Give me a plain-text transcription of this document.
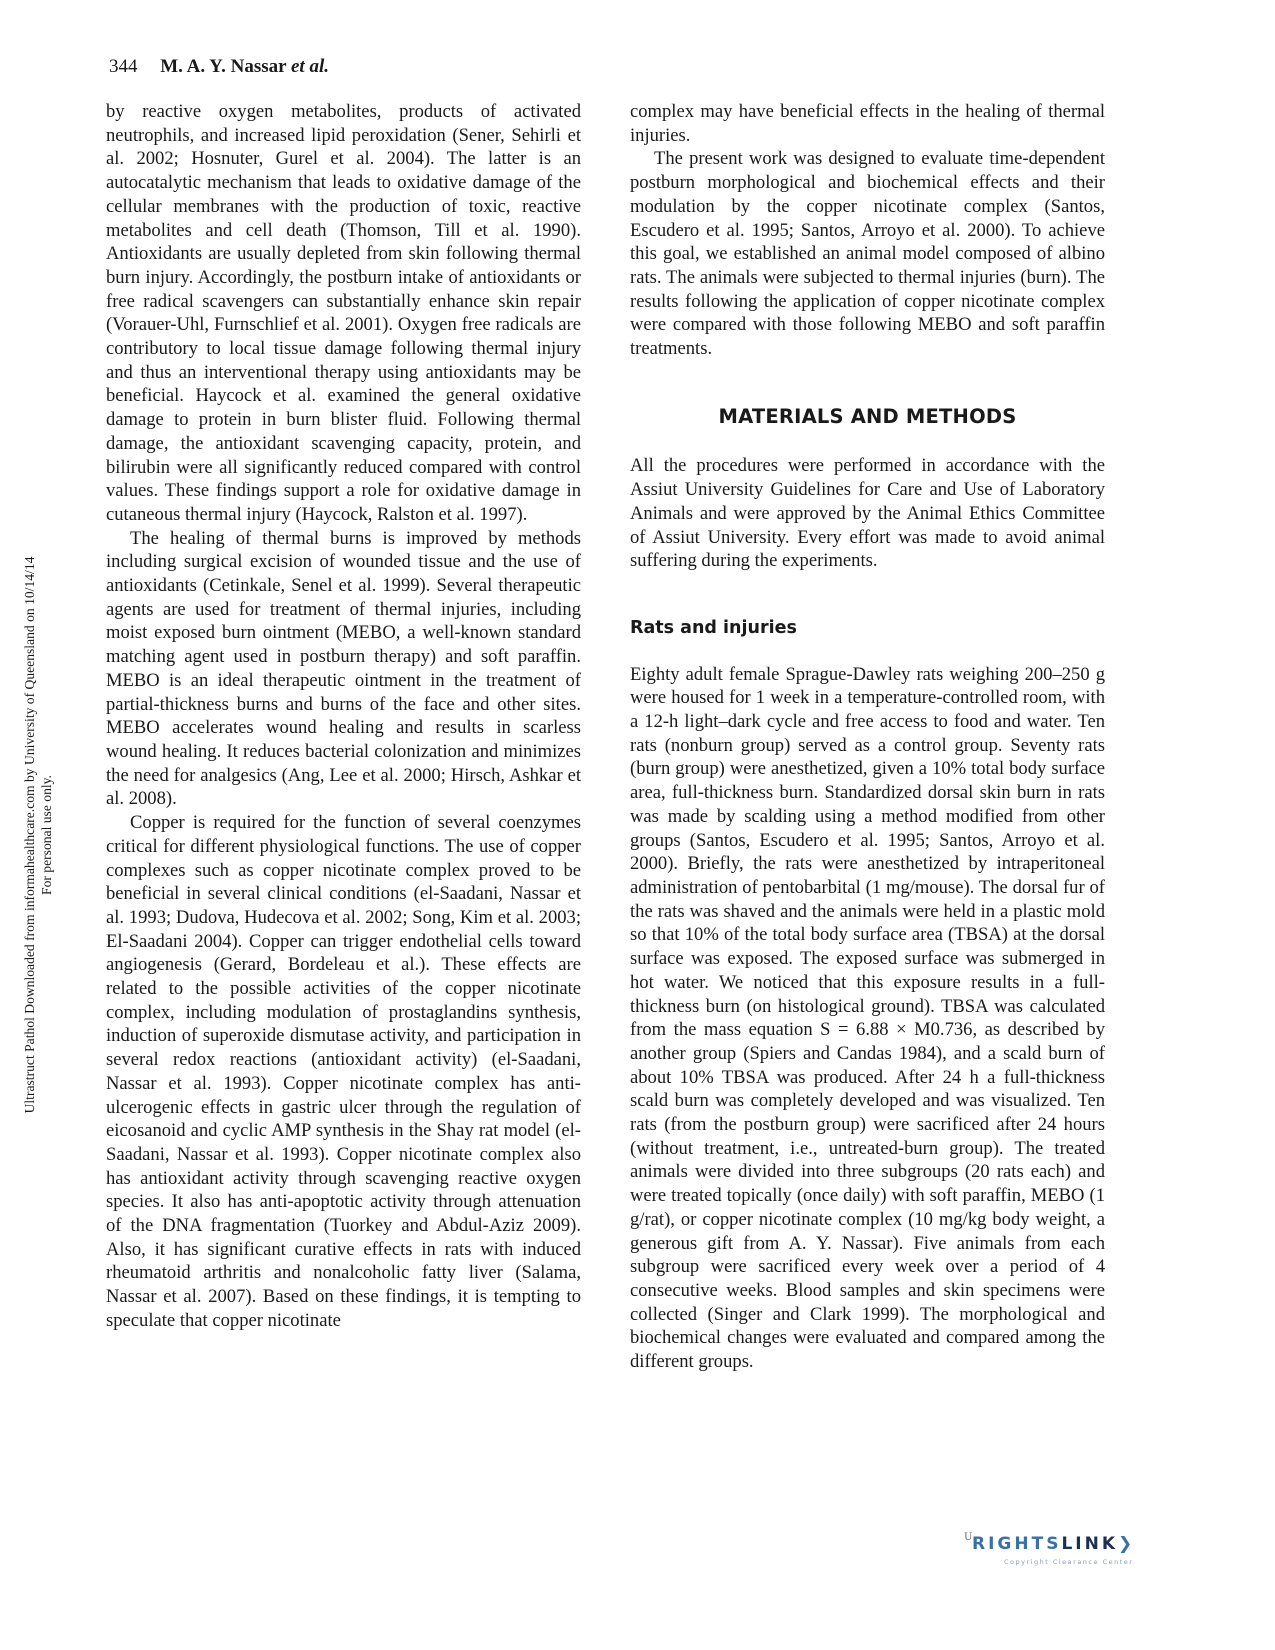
344 M. A. Y. Nassar et al.
Ultrastruct Pathol Downloaded from informahealthcare.com by University of Queensland on 10/14/14 For personal use only.

by reactive oxygen metabolites, products of activated neutrophils, and increased lipid peroxidation (Sener, Sehirli et al. 2002; Hosnuter, Gurel et al. 2004). The latter is an autocatalytic mechanism that leads to oxidative damage of the cellular membranes with the production of toxic, reactive metabolites and cell death (Thomson, Till et al. 1990). Antioxidants are usually depleted from skin following thermal burn injury. Accordingly, the postburn intake of antioxidants or free radical scavengers can substantially enhance skin repair (Vorauer-Uhl, Furnschlief et al. 2001). Oxygen free radicals are contributory to local tissue damage following thermal injury and thus an interventional therapy using antioxidants may be beneficial. Haycock et al. examined the general oxidative damage to protein in burn blister fluid. Following thermal damage, the antioxidant scavenging capacity, protein, and bilirubin were all significantly reduced compared with control values. These findings support a role for oxidative damage in cutaneous thermal injury (Haycock, Ralston et al. 1997).

The healing of thermal burns is improved by methods including surgical excision of wounded tissue and the use of antioxidants (Cetinkale, Senel et al. 1999). Several therapeutic agents are used for treatment of thermal injuries, including moist exposed burn ointment (MEBO, a well-known standard matching agent used in postburn therapy) and soft paraffin. MEBO is an ideal therapeutic ointment in the treatment of partial-thickness burns and burns of the face and other sites. MEBO accelerates wound healing and results in scarless wound healing. It reduces bacterial colonization and minimizes the need for analgesics (Ang, Lee et al. 2000; Hirsch, Ashkar et al. 2008).

Copper is required for the function of several coenzymes critical for different physiological functions. The use of copper complexes such as copper nicotinate complex proved to be beneficial in several clinical conditions (el-Saadani, Nassar et al. 1993; Dudova, Hudecova et al. 2002; Song, Kim et al. 2003; El-Saadani 2004). Copper can trigger endothelial cells toward angiogenesis (Gerard, Bordeleau et al.). These effects are related to the possible activities of the copper nicotinate complex, including modulation of prostaglandins synthesis, induction of superoxide dismutase activity, and participation in several redox reactions (antioxidant activity) (el-Saadani, Nassar et al. 1993). Copper nicotinate complex has anti-ulcerogenic effects in gastric ulcer through the regulation of eicosanoid and cyclic AMP synthesis in the Shay rat model (el-Saadani, Nassar et al. 1993). Copper nicotinate complex also has antioxidant activity through scavenging reactive oxygen species. It also has anti-apoptotic activity through attenuation of the DNA fragmentation (Tuorkey and Abdul-Aziz 2009). Also, it has significant curative effects in rats with induced rheumatoid arthritis and nonalcoholic fatty liver (Salama, Nassar et al. 2007). Based on these findings, it is tempting to speculate that copper nicotinate

complex may have beneficial effects in the healing of thermal injuries.

The present work was designed to evaluate time-dependent postburn morphological and biochemical effects and their modulation by the copper nicotinate complex (Santos, Escudero et al. 1995; Santos, Arroyo et al. 2000). To achieve this goal, we established an animal model composed of albino rats. The animals were subjected to thermal injuries (burn). The results following the application of copper nicotinate complex were compared with those following MEBO and soft paraffin treatments.

MATERIALS AND METHODS

All the procedures were performed in accordance with the Assiut University Guidelines for Care and Use of Laboratory Animals and were approved by the Animal Ethics Committee of Assiut University. Every effort was made to avoid animal suffering during the experiments.

Rats and injuries

Eighty adult female Sprague-Dawley rats weighing 200–250 g were housed for 1 week in a temperature-controlled room, with a 12-h light–dark cycle and free access to food and water. Ten rats (nonburn group) served as a control group. Seventy rats (burn group) were anesthetized, given a 10% total body surface area, full-thickness burn. Standardized dorsal skin burn in rats was made by scalding using a method modified from other groups (Santos, Escudero et al. 1995; Santos, Arroyo et al. 2000). Briefly, the rats were anesthetized by intraperitoneal administration of pentobarbital (1 mg/mouse). The dorsal fur of the rats was shaved and the animals were held in a plastic mold so that 10% of the total body surface area (TBSA) at the dorsal surface was exposed. The exposed surface was submerged in hot water. We noticed that this exposure results in a full-thickness burn (on histological ground). TBSA was calculated from the mass equation S = 6.88 × M0.736, as described by another group (Spiers and Candas 1984), and a scald burn of about 10% TBSA was produced. After 24 h a full-thickness scald burn was completely developed and was visualized. Ten rats (from the postburn group) were sacrificed after 24 hours (without treatment, i.e., untreated-burn group). The treated animals were divided into three subgroups (20 rats each) and were treated topically (once daily) with soft paraffin, MEBO (1 g/rat), or copper nicotinate complex (10 mg/kg body weight, a generous gift from A. Y. Nassar). Five animals from each subgroup were sacrificed every week over a period of 4 consecutive weeks. Blood samples and skin specimens were collected (Singer and Clark 1999). The morphological and biochemical changes were evaluated and compared among the different groups.

U RIGHTSLINK❯
Copyright Clearance Center
